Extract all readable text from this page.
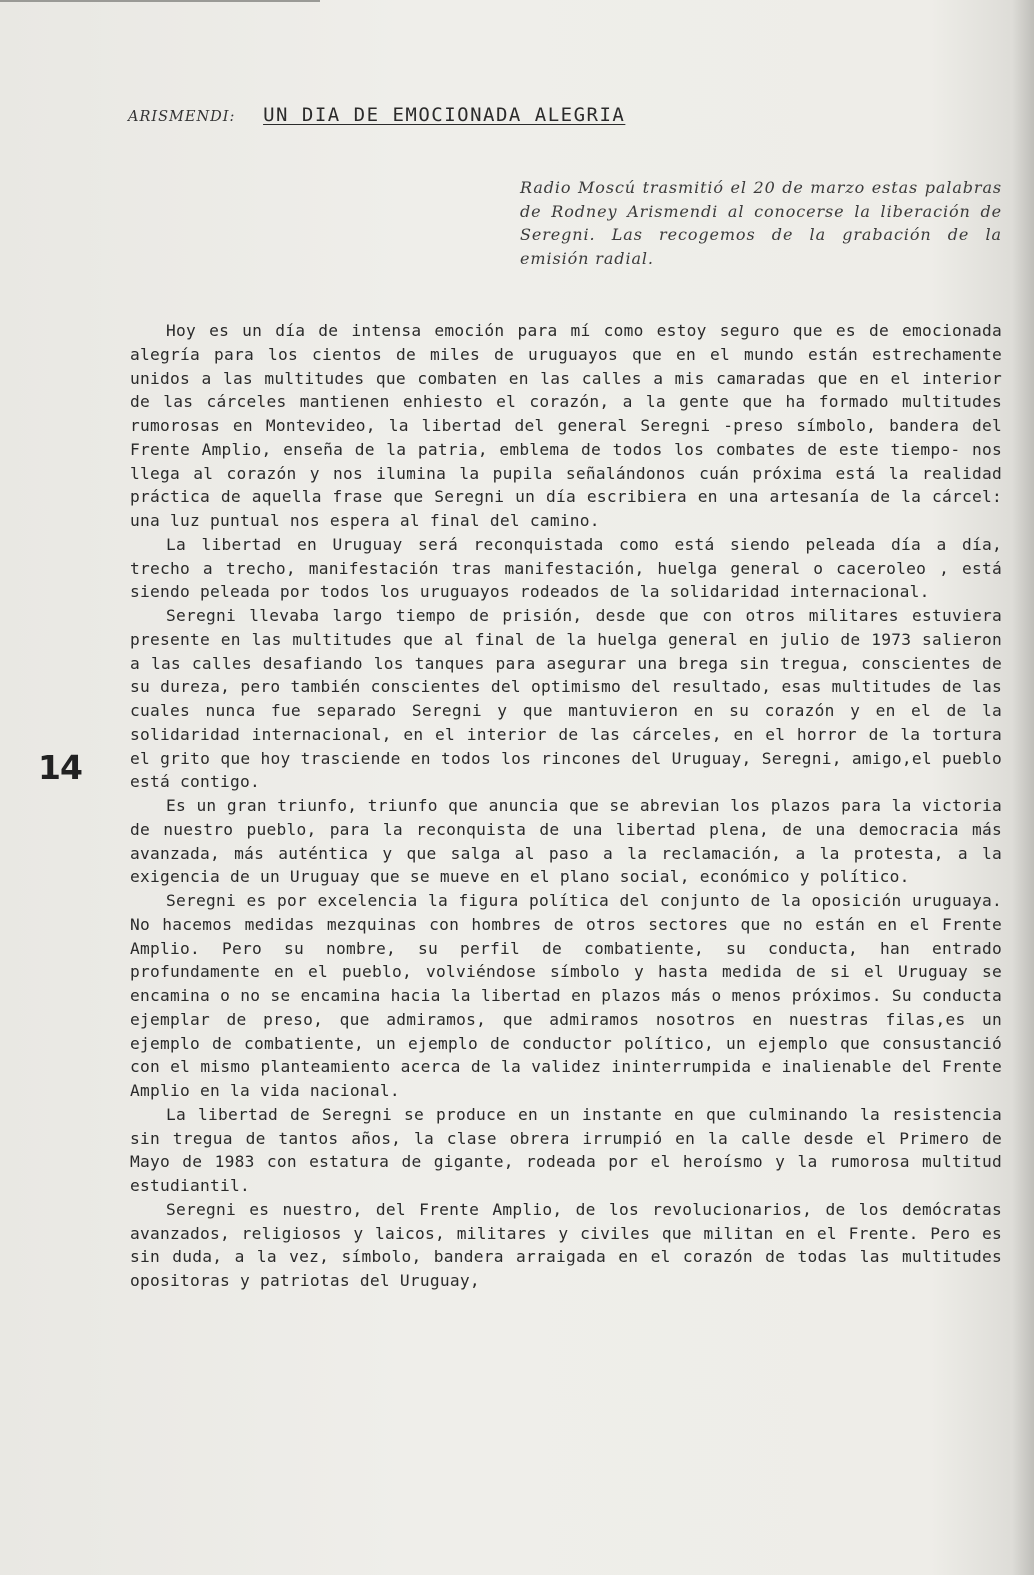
ARISMENDI: UN DIA DE EMOCIONADA ALEGRIA
Radio Moscú trasmitió el 20 de marzo estas palabras de Rodney Arismendi al conocerse la liberación de Seregni. Las recogemos de la grabación de la emisión radial.

Hoy es un día de intensa emoción para mí como estoy seguro que es de emocionada alegría para los cientos de miles de uruguayos que en el mundo están estrechamente unidos a las multitudes que combaten en las calles a mis camaradas que en el interior de las cárceles mantienen enhiesto el corazón, a la gente que ha formado multitudes rumorosas en Montevideo, la libertad del general Seregni -preso símbolo, bandera del Frente Amplio, enseña de la patria, emblema de todos los combates de este tiempo- nos llega al corazón y nos ilumina la pupila señalándonos cuán próxima está la realidad práctica de aquella frase que Seregni un día escribiera en una artesanía de la cárcel: una luz puntual nos espera al final del camino.

La libertad en Uruguay será reconquistada como está siendo peleada día a día, trecho a trecho, manifestación tras manifestación, huelga general o caceroleo , está siendo peleada por todos los uruguayos rodeados de la solidaridad internacional.

Seregni llevaba largo tiempo de prisión, desde que con otros militares estuviera presente en las multitudes que al final de la huelga general en julio de 1973 salieron a las calles desafiando los tanques para asegurar una brega sin tregua, conscientes de su dureza, pero también conscientes del optimismo del resultado, esas multitudes de las cuales nunca fue separado Seregni y que mantuvieron en su corazón y en el de la solidaridad internacional, en el interior de las cárceles, en el horror de la tortura el grito que hoy trasciende en todos los rincones del Uruguay, Seregni, amigo,el pueblo está contigo.

Es un gran triunfo, triunfo que anuncia que se abrevian los plazos para la victoria de nuestro pueblo, para la reconquista de una libertad plena, de una democracia más avanzada, más auténtica y que salga al paso a la reclamación, a la protesta, a la exigencia de un Uruguay que se mueve en el plano social, económico y político.

Seregni es por excelencia la figura política del conjunto de la oposición uruguaya. No hacemos medidas mezquinas con hombres de otros sectores que no están en el Frente Amplio. Pero su nombre, su perfil de combatiente, su conducta, han entrado profundamente en el pueblo, volviéndose símbolo y hasta medida de si el Uruguay se encamina o no se encamina hacia la libertad en plazos más o menos próximos. Su conducta ejemplar de preso, que admiramos, que admiramos nosotros en nuestras filas,es un ejemplo de combatiente, un ejemplo de conductor político, un ejemplo que consustanció con el mismo planteamiento acerca de la validez ininterrumpida e inalienable del Frente Amplio en la vida nacional.

La libertad de Seregni se produce en un instante en que culminando la resistencia sin tregua de tantos años, la clase obrera irrumpió en la calle desde el Primero de Mayo de 1983 con estatura de gigante, rodeada por el heroísmo y la rumorosa multitud estudiantil.

Seregni es nuestro, del Frente Amplio, de los revolucionarios, de los demócratas avanzados, religiosos y laicos, militares y civiles que militan en el Frente. Pero es sin duda, a la vez, símbolo, bandera arraigada en el corazón de todas las multitudes opositoras y patriotas del Uruguay,

14
